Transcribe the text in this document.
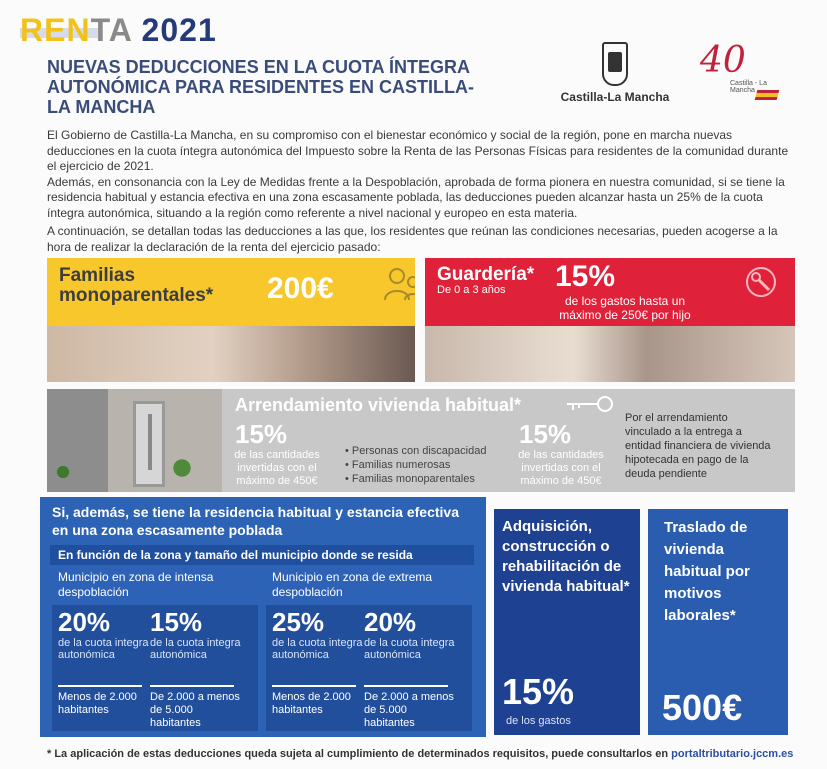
RENTA 2021
NUEVAS DEDUCCIONES EN LA CUOTA ÍNTEGRA AUTONÓMICA PARA RESIDENTES EN CASTILLA-LA MANCHA	Castilla-La Mancha
40
Castilla - La Mancha

El Gobierno de Castilla-La Mancha, en su compromiso con el bienestar económico y social de la región, pone en marcha nuevas deducciones en la cuota íntegra autonómica del Impuesto sobre la Renta de las Personas Físicas para residentes de la comunidad durante el ejercicio de 2021.

Además, en consonancia con la Ley de Medidas frente a la Despoblación, aprobada de forma pionera en nuestra comunidad, si se tiene la residencia habitual y estancia efectiva en una zona escasamente poblada, las deducciones pueden alcanzar hasta un 25% de la cuota íntegra autonómica, situando a la región como referente a nivel nacional y europeo en esta materia.

A continuación, se detallan todas las deducciones a las que, los residentes que reúnan las condiciones necesarias, pueden acogerse a la hora de realizar la declaración de la renta del ejercicio pasado:

Familias
monoparentales* 200€	Guardería*
De 0 a 3 años 15%
de los gastos hasta un máximo de 250€ por hijo
Arrendamiento vivienda habitual*
15%
de las cantidades invertidas con el máximo de 450€
• Personas con discapacidad
• Familias numerosas
• Familias monoparentales
15%
de las cantidades invertidas con el máximo de 450€
Por el arrendamiento vinculado a la entrega a entidad financiera de vivienda hipotecada en pago de la deuda pendiente
Si, además, se tiene la residencia habitual y estancia efectiva en una zona escasamente poblada
En función de la zona y tamaño del municipio donde se resida
Municipio en zona de intensa despoblación
20%
de la cuota integra autonómica
Menos de 2.000 habitantes
15%
de la cuota integra autonómica
De 2.000 a menos de 5.000 habitantes
Municipio en zona de extrema despoblación
25%
de la cuota integra autonómica
Menos de 2.000 habitantes
20%
de la cuota integra autonómica
De 2.000 a menos de 5.000 habitantes
Adquisición, construcción o rehabilitación de vivienda habitual*
15%
de los gastos
Traslado de vivienda habitual por motivos laborales*
500€
* La aplicación de estas deducciones queda sujeta al cumplimiento de determinados requisitos, puede consultarlos en portaltributario.jccm.es
